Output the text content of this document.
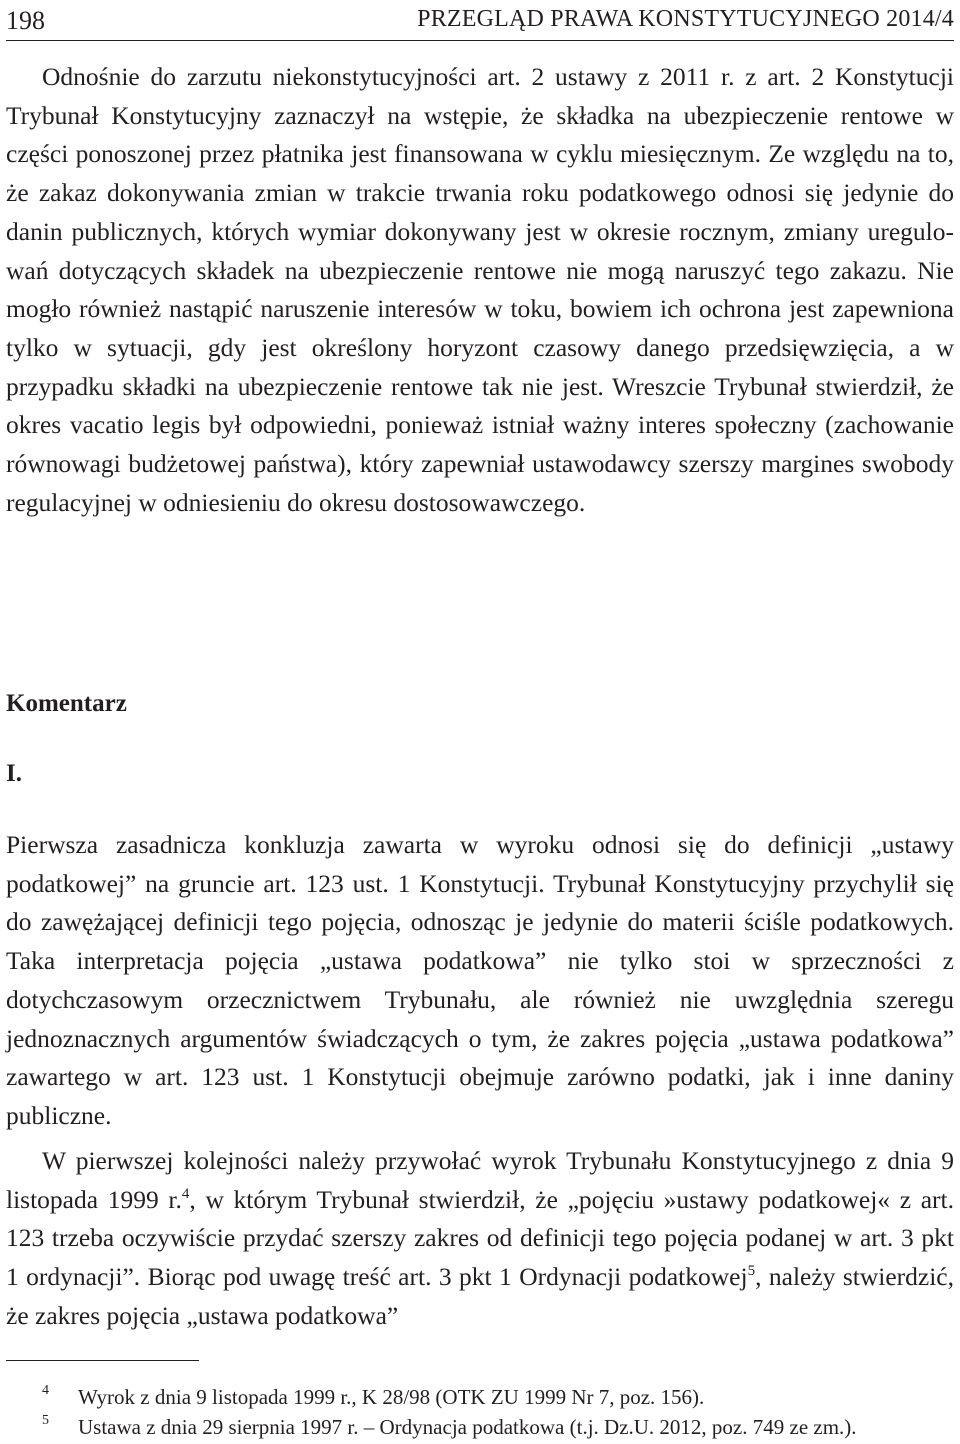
198	PRZEGLĄD PRAWA KONSTYTUCYJNEGO 2014/4

Odnośnie do zarzutu niekonstytucyjności art. 2 ustawy z 2011 r. z art. 2 Konstytucji Trybunał Konstytucyjny zaznaczył na wstępie, że składka na ubezpieczenie rentowe w części ponoszonej przez płatnika jest finansowana w cyklu miesięcznym. Ze względu na to, że zakaz dokonywania zmian w trakcie trwania roku podatkowego odnosi się jedynie do danin publicznych, których wymiar dokonywany jest w okresie rocznym, zmiany uregulowań dotyczących składek na ubezpieczenie rentowe nie mogą naruszyć tego zakazu. Nie mogło również nastąpić naruszenie interesów w toku, bowiem ich ochrona jest zapewniona tylko w sytuacji, gdy jest określony horyzont czasowy danego przedsięwzięcia, a w przypadku składki na ubezpieczenie rentowe tak nie jest. Wreszcie Trybunał stwierdził, że okres vacatio legis był odpowiedni, ponieważ istniał ważny interes społeczny (zachowanie równowagi budżetowej państwa), który zapewniał ustawodawcy szerszy margines swobody regulacyjnej w odniesieniu do okresu dostosowawczego.

Komentarz
I.

Pierwsza zasadnicza konkluzja zawarta w wyroku odnosi się do definicji „ustawy podatkowej” na gruncie art. 123 ust. 1 Konstytucji. Trybunał Konstytucyjny przychylił się do zawężającej definicji tego pojęcia, odnosząc je jedynie do materii ściśle podatkowych. Taka interpretacja pojęcia „ustawa podatkowa” nie tylko stoi w sprzeczności z dotychczasowym orzecznictwem Trybunału, ale również nie uwzględnia szeregu jednoznacznych argumentów świadczących o tym, że zakres pojęcia „ustawa podatkowa” zawartego w art. 123 ust. 1 Konstytucji obejmuje zarówno podatki, jak i inne daniny publiczne.

W pierwszej kolejności należy przywołać wyrok Trybunału Konstytucyjnego z dnia 9 listopada 1999 r.$^4$, w którym Trybunał stwierdził, że „pojęciu »ustawy podatkowej« z art. 123 trzeba oczywiście przydać szerszy zakres od definicji tego pojęcia podanej w art. 3 pkt 1 ordynacji”. Biorąc pod uwagę treść art. 3 pkt 1 Ordynacji podatkowej$^5$, należy stwierdzić, że zakres pojęcia „ustawa podatkowa”

4 Wyrok z dnia 9 listopada 1999 r., K 28/98 (OTK ZU 1999 Nr 7, poz. 156).
5 Ustawa z dnia 29 sierpnia 1997 r. – Ordynacja podatkowa (t.j. Dz.U. 2012, poz. 749 ze zm.).
